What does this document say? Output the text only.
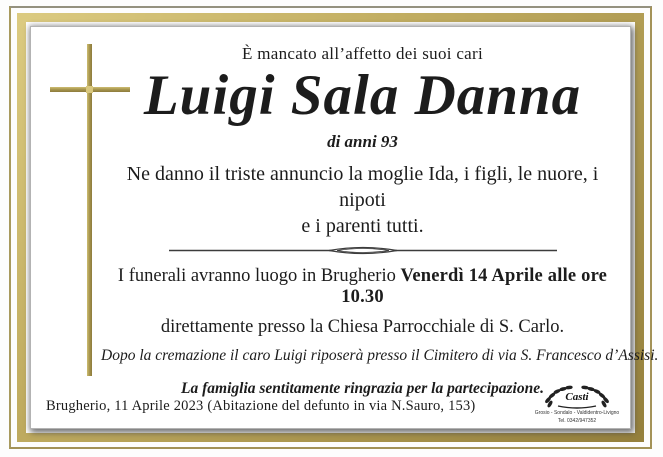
È mancato all’affetto dei suoi cari
Luigi Sala Danna
di anni 93
Ne danno il triste annuncio la moglie Ida, i figli, le nuore, i nipoti
e i parenti tutti.
I funerali avranno luogo in Brugherio Venerdì 14 Aprile alle ore 10.30
direttamente presso la Chiesa Parrocchiale di S. Carlo.
Dopo la cremazione il caro Luigi riposerà presso il Cimitero di via S. Francesco d’Assisi.
La famiglia sentitamente ringrazia per la partecipazione.
Brugherio, 11 Aprile 2023 (Abitazione del defunto in via N.Sauro, 153)
Casti
Grosio - Sondalo - Valdidentro-Livigno
Tel. 0342/947352
